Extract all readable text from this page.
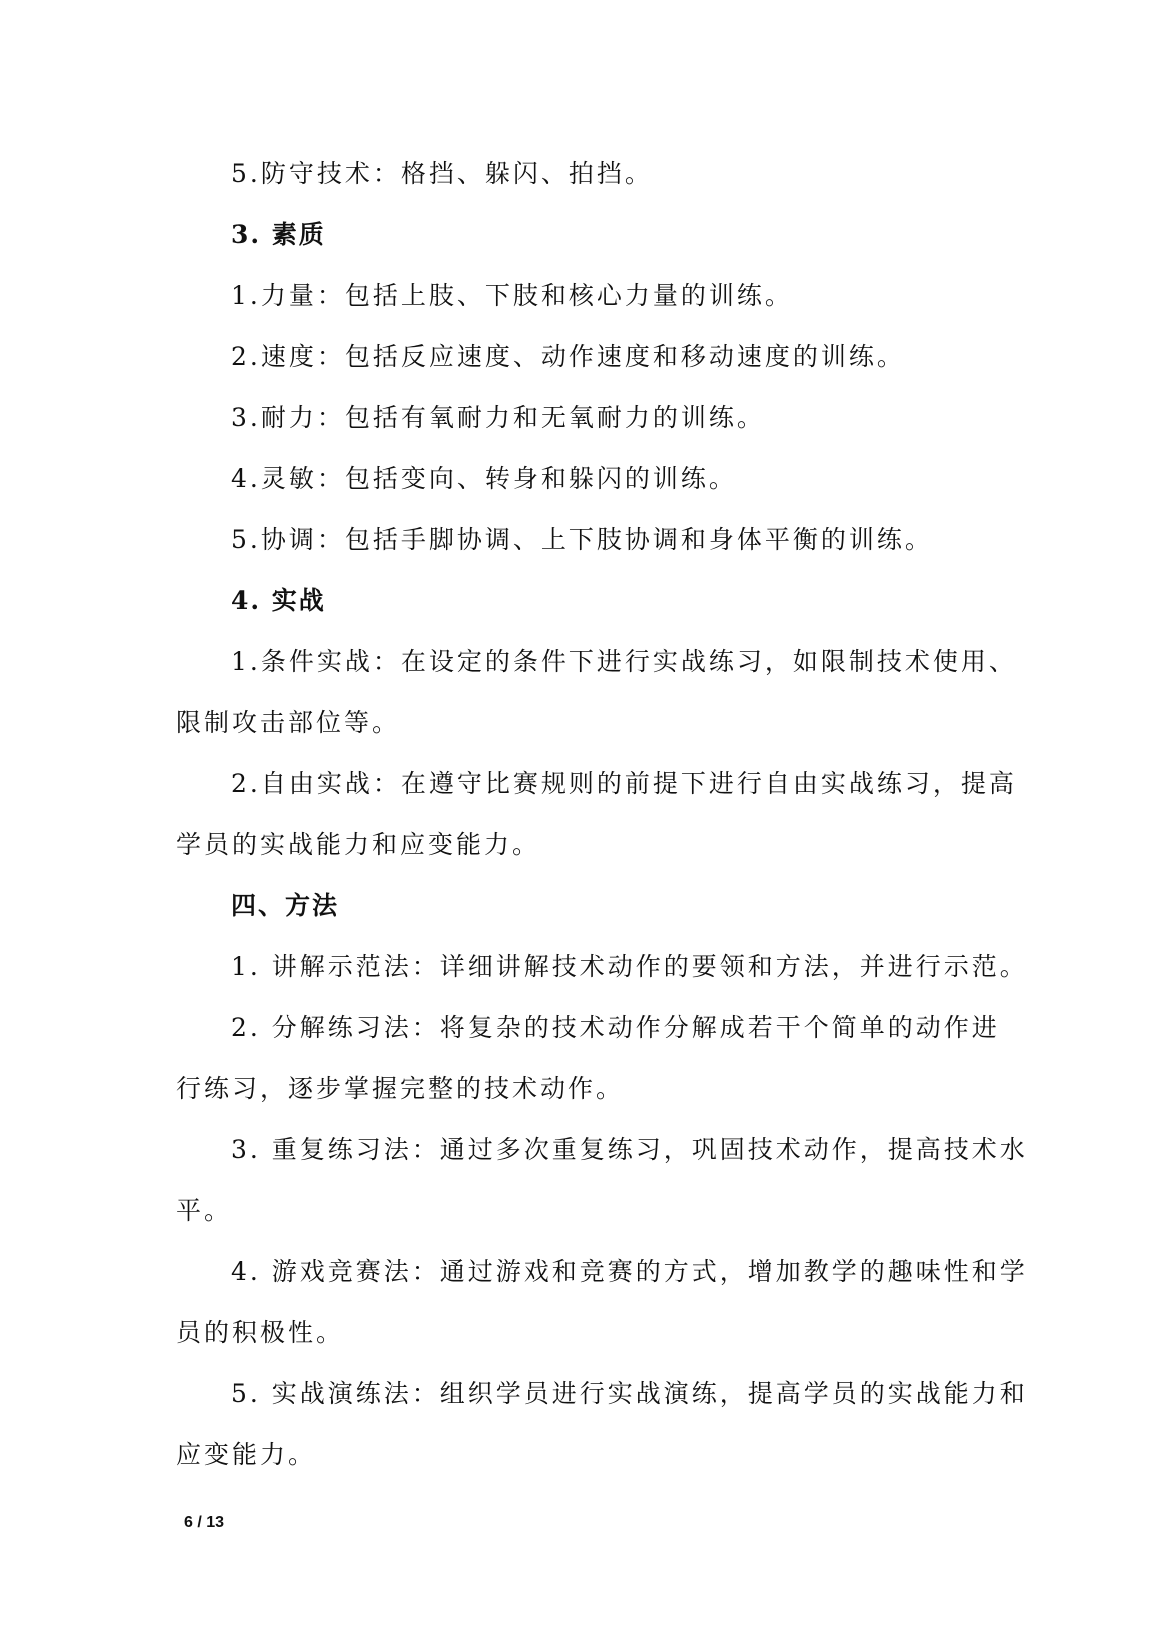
5.防守技术：格挡、躲闪、拍挡。
3. 素质
1.力量：包括上肢、下肢和核心力量的训练。
2.速度：包括反应速度、动作速度和移动速度的训练。
3.耐力：包括有氧耐力和无氧耐力的训练。
4.灵敏：包括变向、转身和躲闪的训练。
5.协调：包括手脚协调、上下肢协调和身体平衡的训练。
4. 实战
1.条件实战：在设定的条件下进行实战练习，如限制技术使用、
限制攻击部位等。
2.自由实战：在遵守比赛规则的前提下进行自由实战练习，提高
学员的实战能力和应变能力。
四、方法
1. 讲解示范法：详细讲解技术动作的要领和方法，并进行示范。
2. 分解练习法：将复杂的技术动作分解成若干个简单的动作进
行练习，逐步掌握完整的技术动作。
3. 重复练习法：通过多次重复练习，巩固技术动作，提高技术水
平。
4. 游戏竞赛法：通过游戏和竞赛的方式，增加教学的趣味性和学
员的积极性。
5. 实战演练法：组织学员进行实战演练，提高学员的实战能力和
应变能力。
6 / 13
